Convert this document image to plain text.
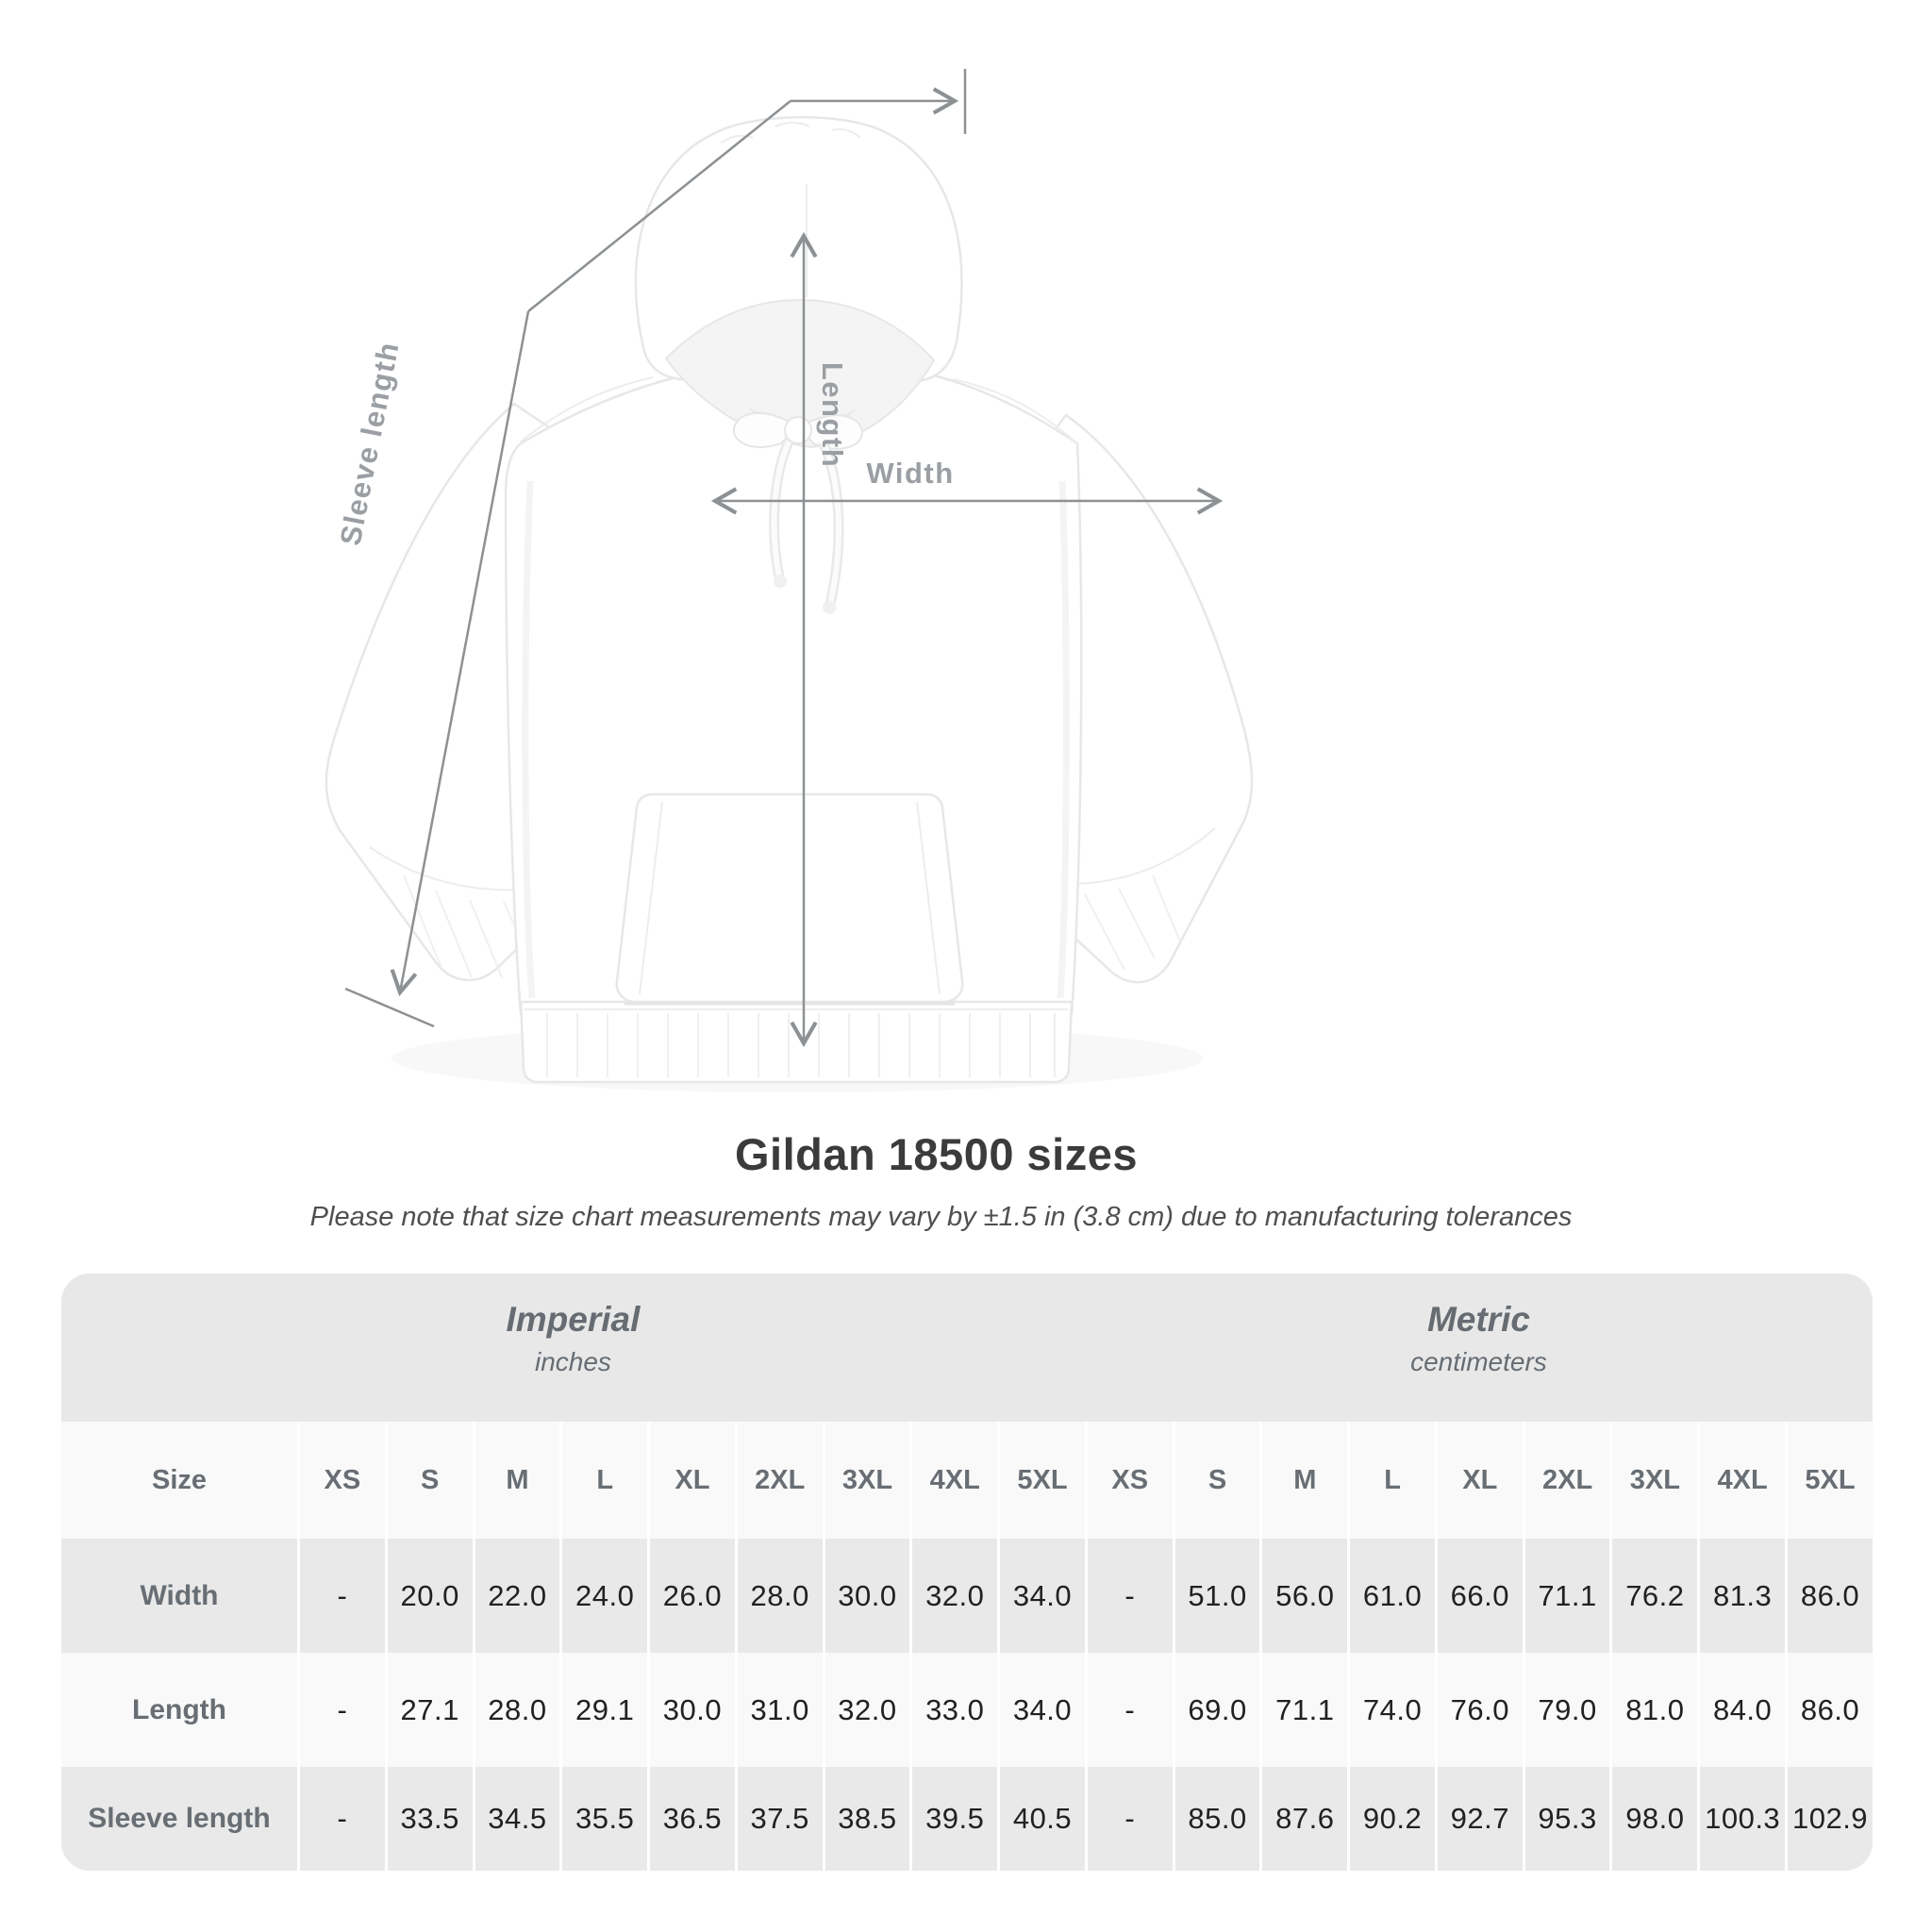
Sleeve length	Length
Width
Gildan 18500 sizes
Please note that size chart measurements may vary by ±1.5 in (3.8 cm) due to manufacturing tolerances
Imperial
inches

Metric
centimeters

Size	XS	S	M	L	XL	2XL	3XL	4XL	5XL	XS	S	M	L	XL	2XL	3XL	4XL	5XL
Width	-	20.0	22.0	24.0	26.0	28.0	30.0	32.0	34.0	-	51.0	56.0	61.0	66.0	71.1	76.2	81.3	86.0
Length	-	27.1	28.0	29.1	30.0	31.0	32.0	33.0	34.0	-	69.0	71.1	74.0	76.0	79.0	81.0	84.0	86.0
Sleeve length	-	33.5	34.5	35.5	36.5	37.5	38.5	39.5	40.5	-	85.0	87.6	90.2	92.7	95.3	98.0	100.3	102.9
